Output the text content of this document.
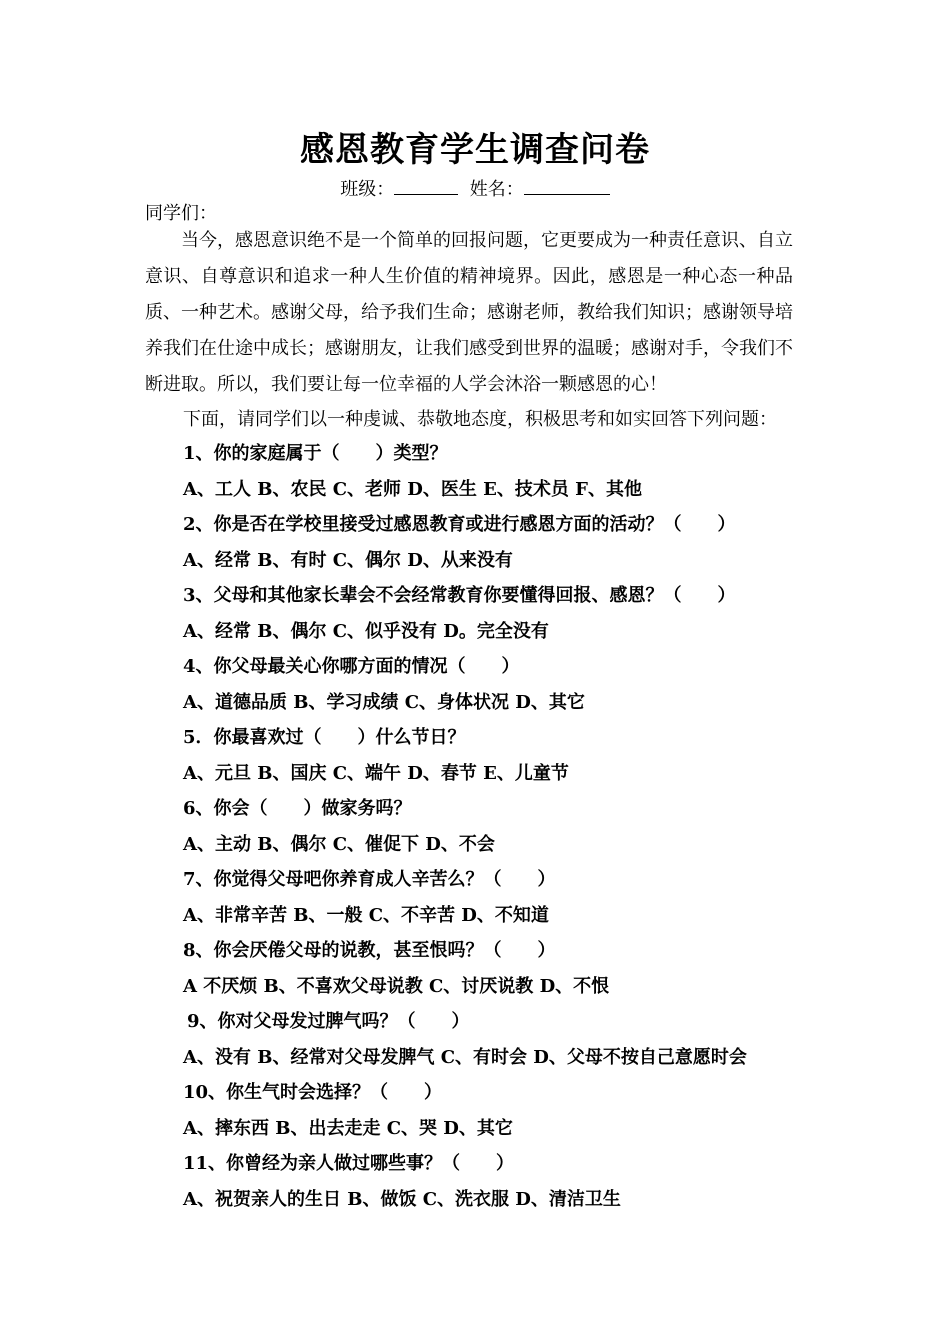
感恩教育学生调查问卷
班级：	姓名：
同学们：
当今，感恩意识绝不是一个简单的回报问题，它更要成为一种责任意识、自立意识、自尊意识和追求一种人生价值的精神境界。因此，感恩是一种心态一种品质、一种艺术。感谢父母，给予我们生命；感谢老师，教给我们知识；感谢领导培养我们在仕途中成长；感谢朋友，让我们感受到世界的温暖；感谢对手，令我们不断进取。所以，我们要让每一位幸福的人学会沐浴一颗感恩的心！
下面，请同学们以一种虔诚、恭敬地态度，积极思考和如实回答下列问题：
1、你的家庭属于（　　）类型？
A、工人 B、农民 C、老师 D、医生 E、技术员 F、其他
2、你是否在学校里接受过感恩教育或进行感恩方面的活动？（　　）
A、经常 B、有时 C、偶尔 D、从来没有
3、父母和其他家长辈会不会经常教育你要懂得回报、感恩？（　　）
A、经常 B、偶尔 C、似乎没有 D。完全没有
4、你父母最关心你哪方面的情况（　　）
A、道德品质 B、学习成绩 C、身体状况 D、其它
5．你最喜欢过（　　）什么节日？
A、元旦 B、国庆 C、端午 D、春节 E、儿童节
6、你会（　　）做家务吗？
A、主动 B、偶尔 C、催促下 D、不会
7、你觉得父母吧你养育成人辛苦么？（　　）
A、非常辛苦 B、一般 C、不辛苦 D、不知道
8、你会厌倦父母的说教，甚至恨吗？（　　）
A 不厌烦 B、不喜欢父母说教 C、讨厌说教 D、不恨
9、你对父母发过脾气吗？（　　）
A、没有 B、经常对父母发脾气 C、有时会 D、父母不按自己意愿时会
10、你生气时会选择？（　　）
A、摔东西 B、出去走走 C、哭 D、其它
11、你曾经为亲人做过哪些事？（　　）
A、祝贺亲人的生日 B、做饭 C、洗衣服 D、清洁卫生
